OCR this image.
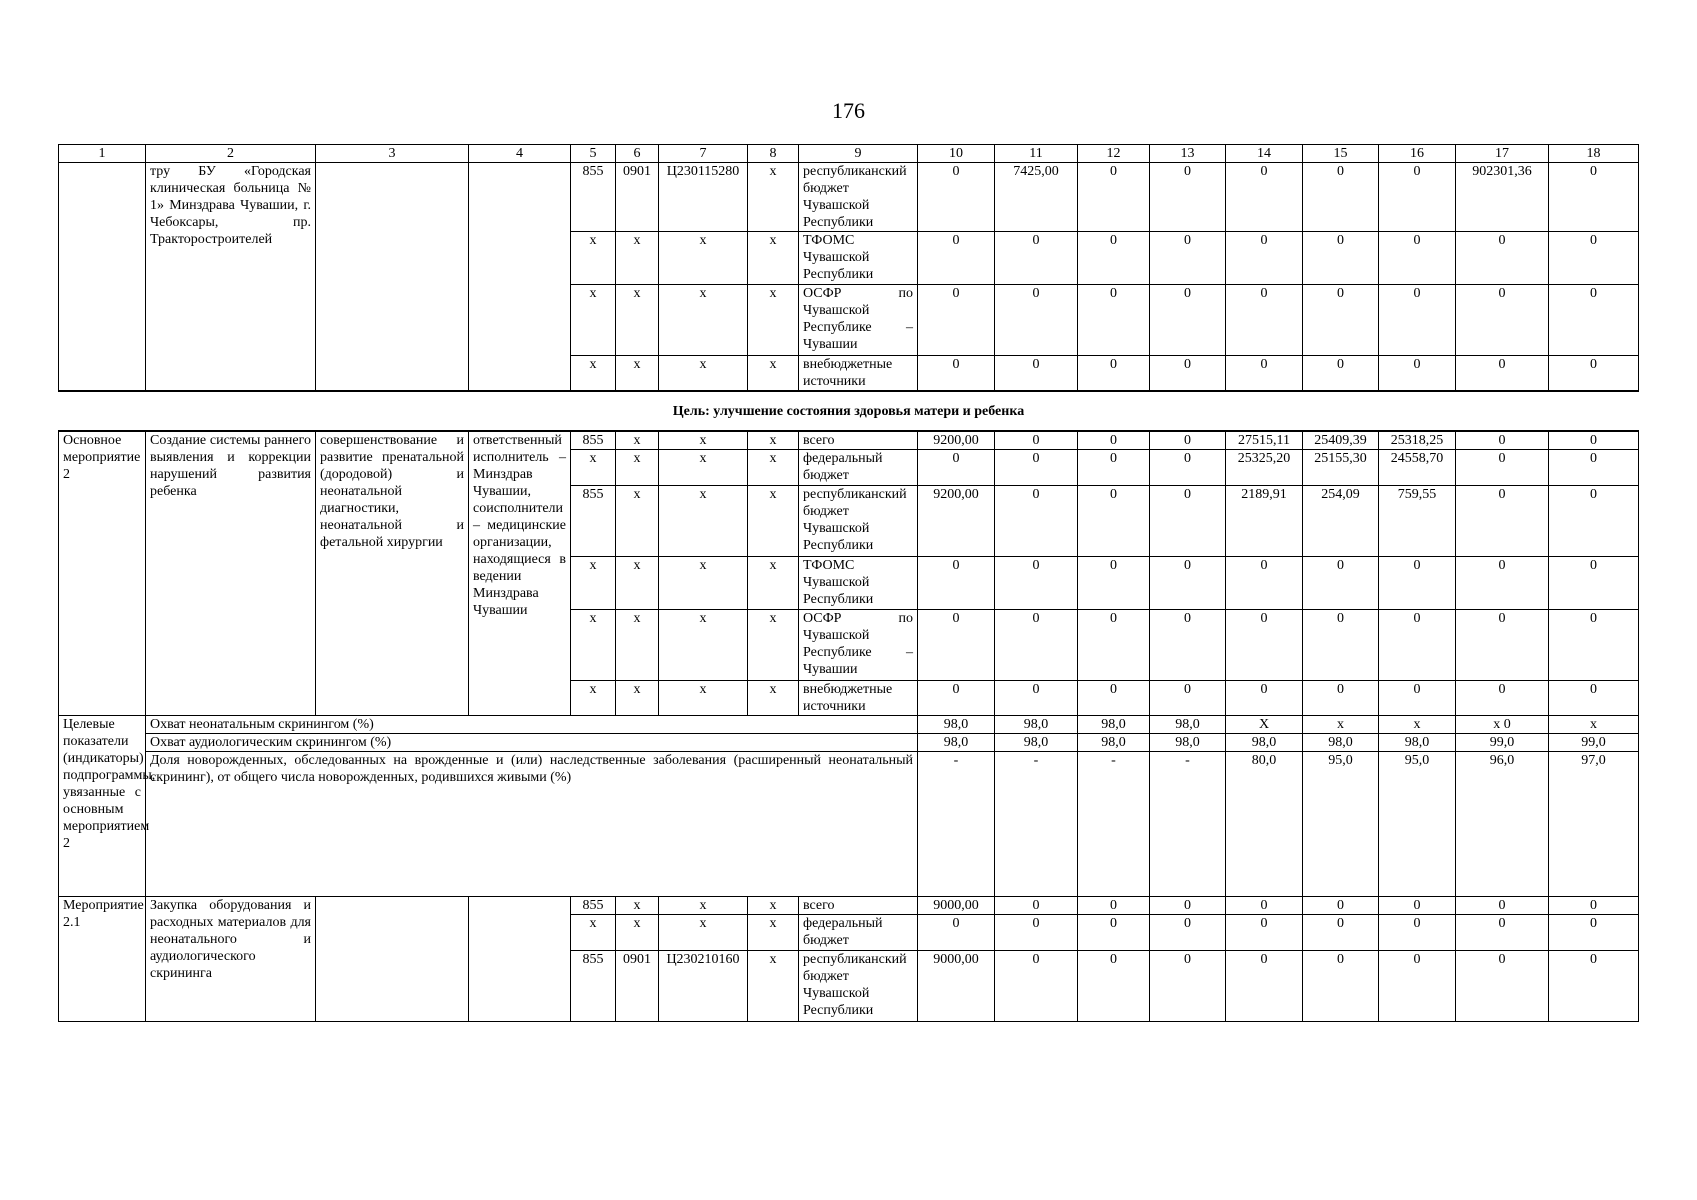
176
1	2	3	4	5	6	7	8	9	10	11	12	13	14	15	16	17	18
	тру БУ «Городская клиническая больница № 1» Минздрава Чувашии, г. Чебоксары, пр. Тракторостроителей			855	0901	Ц230115280	х	республиканский бюджет Чувашской Республики	0	7425,00	0	0	0	0	0	902301,36	0
				х	х	х	х	ТФОМС Чувашской Республики	0	0	0	0	0	0	0	0	0
				х	х	х	х	ОСФР по Чувашской Республике – Чувашии	0	0	0	0	0	0	0	0	0
				х	х	х	х	внебюджетные источники	0	0	0	0	0	0	0	0	0
Цель: улучшение состояния здоровья матери и ребенка																	
Основное мероприятие 2	Создание системы раннего выявления и коррекции нарушений развития ребенка	совершенствование и развитие пренатальной (дородовой) и неонатальной диагностики, неонатальной и фетальной хирургии	ответственный исполнитель – Минздрав Чувашии, соисполнители – медицинские организации, находящиеся в ведении Минздрава Чувашии	855	х	х	х	всего	9200,00	0	0	0	27515,11	25409,39	25318,25	0	0
				х	х	х	х	федеральный бюджет	0	0	0	0	25325,20	25155,30	24558,70	0	0
				855	х	х	х	республиканский бюджет Чувашской Республики	9200,00	0	0	0	2189,91	254,09	759,55	0	0
				х	х	х	х	ТФОМС Чувашской Республики	0	0	0	0	0	0	0	0	0
				х	х	х	х	ОСФР по Чувашской Республике – Чувашии	0	0	0	0	0	0	0	0	0
				х	х	х	х	внебюджетные источники	0	0	0	0	0	0	0	0	0
Целевые показатели (индикаторы) подпрограммы, увязанные с основным мероприятием 2	Охват неонатальным скринингом (%)								98,0	98,0	98,0	98,0	Х	х	х	х 0	х
	Охват аудиологическим скринингом (%)								98,0	98,0	98,0	98,0	98,0	98,0	98,0	99,0	99,0
	Доля новорожденных, обследованных на врожденные и (или) наследственные заболевания (расширенный неонатальный скрининг), от общего числа новорожденных, родившихся живыми (%)								-	-	-	-	80,0	95,0	95,0	96,0	97,0
Мероприятие 2.1	Закупка оборудования и расходных материалов для неонатального и аудиологического скрининга			855	х	х	х	всего	9000,00	0	0	0	0	0	0	0	0
				х	х	х	х	федеральный бюджет	0	0	0	0	0	0	0	0	0
				855	0901	Ц230210160	х	республиканский бюджет Чувашской Республики	9000,00	0	0	0	0	0	0	0	0
